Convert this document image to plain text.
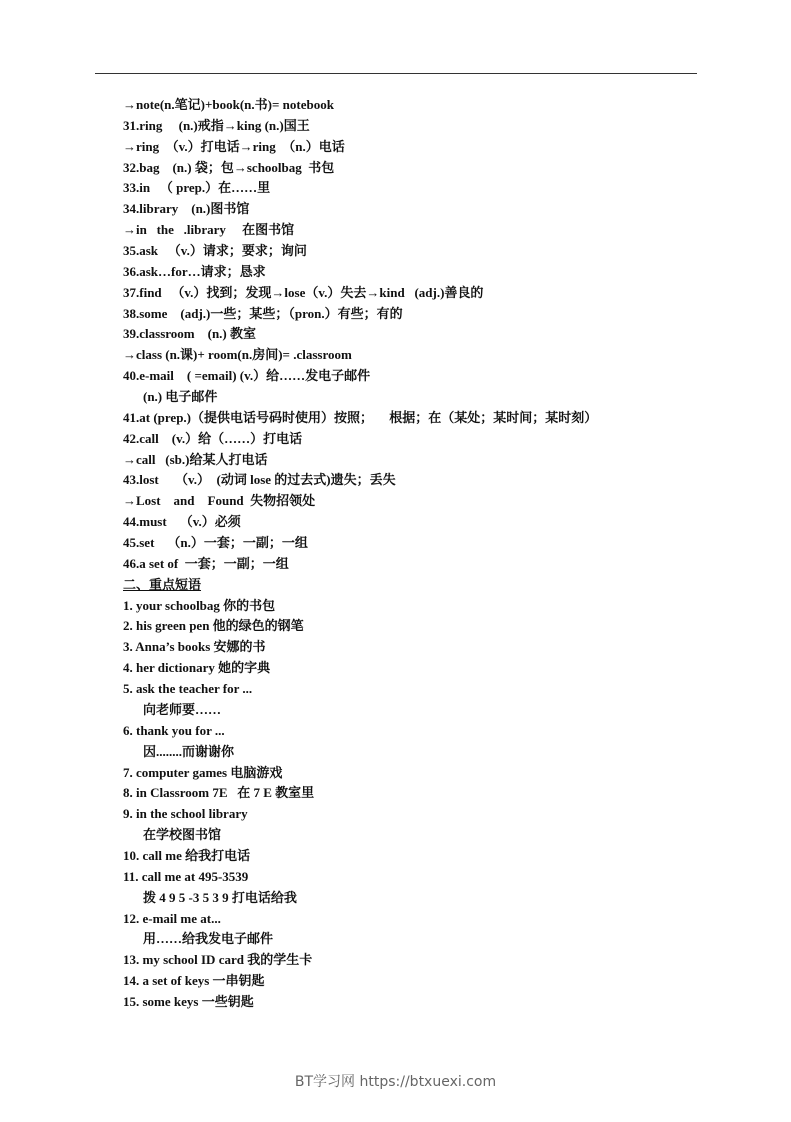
→note(n.笔记)+book(n.书)= notebook
31.ring     (n.)戒指→king (n.)国王
→ring  （v.）打电话→ring  （n.）电话
32.bag    (n.) 袋；包→schoolbag  书包
33.in   （ prep.）在……里
34.library    (n.)图书馆
→in   the   .library     在图书馆
35.ask   （v.）请求；要求；询问
36.ask…for…请求；恳求
37.find   （v.）找到；发现→lose（v.）失去→kind   (adj.)善良的
38.some    (adj.)一些；某些；（pron.）有些；有的
39.classroom    (n.) 教室
→class (n.课)+ room(n.房间)= .classroom
40.e-mail    ( =email) (v.）给……发电子邮件
(n.) 电子邮件
41.at (prep.)（提供电话号码时使用）按照；     根据；在（某处；某时间；某时刻）
42.call    (v.）给（……）打电话
→call   (sb.)给某人打电话
43.lost     （v.）  (动词 lose 的过去式)遗失；丢失
→Lost    and    Found  失物招领处
44.must    （v.）必须
45.set    （n.）一套；一副；一组
46.a set of  一套；一副；一组
二、重点短语
1. your schoolbag 你的书包
2. his green pen 他的绿色的钢笔
3. Anna’s books 安娜的书
4. her dictionary 她的字典
5. ask the teacher for ...
向老师要……
6. thank you for ...
因........而谢谢你
7. computer games 电脑游戏
8. in Classroom 7E   在 7 E 教室里
9. in the school library
在学校图书馆
10. call me 给我打电话
11. call me at 495-3539
拨 4 9 5 -3 5 3 9 打电话给我
12. e-mail me at...
用……给我发电子邮件
13. my school ID card 我的学生卡
14. a set of keys 一串钥匙
15. some keys 一些钥匙
BT学习网 https://btxuexi.com
